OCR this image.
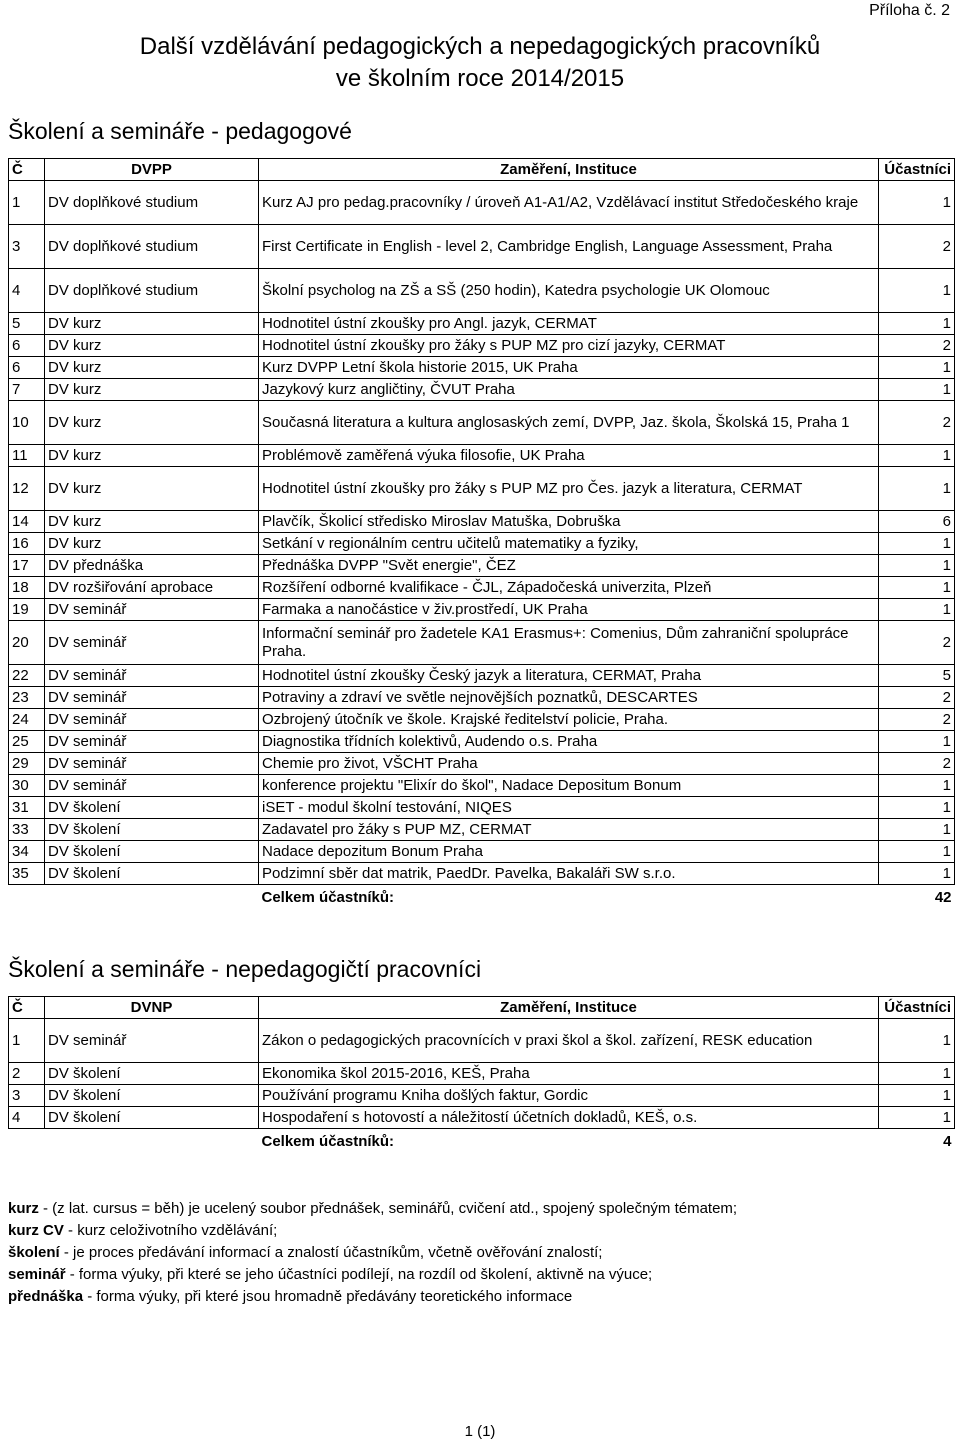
Příloha č. 2
Další vzdělávání pedagogických a nepedagogických pracovníků
ve školním roce 2014/2015
Školení a semináře - pedagogové
Č	DVPP	Zaměření, Instituce	Účastníci
1	DV doplňkové studium	Kurz AJ pro pedag.pracovníky / úroveň A1-A1/A2, Vzdělávací institut Středočeského kraje	1
3	DV doplňkové studium	First Certificate in English - level 2, Cambridge English, Language Assessment, Praha	2
4	DV doplňkové studium	Školní psycholog na ZŠ a SŠ (250 hodin), Katedra psychologie UK Olomouc	1
5	DV kurz	Hodnotitel ústní zkoušky pro Angl. jazyk, CERMAT	1
6	DV kurz	Hodnotitel ústní zkoušky pro žáky s PUP MZ pro cizí jazyky, CERMAT	2
6	DV kurz	Kurz DVPP Letní škola historie 2015, UK Praha	1
7	DV kurz	Jazykový kurz angličtiny, ČVUT Praha	1
10	DV kurz	Současná literatura a kultura anglosaských zemí, DVPP, Jaz. škola, Školská 15, Praha 1	2
11	DV kurz	Problémově zaměřená výuka filosofie, UK Praha	1
12	DV kurz	Hodnotitel ústní zkoušky pro žáky s PUP MZ pro Čes. jazyk a literatura, CERMAT	1
14	DV kurz	Plavčík, Školicí středisko Miroslav Matuška, Dobruška	6
16	DV kurz	Setkání v regionálním centru učitelů matematiky a fyziky,	1
17	DV přednáška	Přednáška DVPP "Svět energie", ČEZ	1
18	DV rozšiřování aprobace	Rozšíření odborné kvalifikace - ČJL, Západočeská univerzita, Plzeň	1
19	DV seminář	Farmaka a nanočástice v živ.prostředí, UK Praha	1
20	DV seminář	Informační seminář pro žadetele KA1 Erasmus+: Comenius, Dům zahraniční spolupráce Praha.	2
22	DV seminář	Hodnotitel ústní zkoušky Český jazyk a literatura, CERMAT, Praha	5
23	DV seminář	Potraviny a zdraví ve světle nejnovějších poznatků, DESCARTES	2
24	DV seminář	Ozbrojený útočník ve škole. Krajské ředitelství policie, Praha.	2
25	DV seminář	Diagnostika třídních kolektivů, Audendo o.s. Praha	1
29	DV seminář	Chemie pro život, VŠCHT Praha	2
30	DV seminář	konference projektu "Elixír do škol", Nadace Depositum Bonum	1
31	DV školení	iSET - modul školní testování, NIQES	1
33	DV školení	Zadavatel pro žáky s PUP MZ, CERMAT	1
34	DV školení	Nadace depozitum Bonum Praha	1
35	DV školení	Podzimní sběr dat matrik, PaedDr. Pavelka, Bakaláři SW s.r.o.	1
		Celkem účastníků:	42
Školení a semináře - nepedagogičtí pracovníci
Č	DVNP	Zaměření, Instituce	Účastníci
1	DV seminář	Zákon o pedagogických pracovnících v praxi škol a škol. zařízení, RESK education	1
2	DV školení	Ekonomika škol 2015-2016, KEŠ, Praha	1
3	DV školení	Používání programu Kniha došlých faktur, Gordic	1
4	DV školení	Hospodaření s hotovostí a náležitostí účetních dokladů, KEŠ, o.s.	1
		Celkem účastníků:	4
kurz - (z lat. cursus = běh) je ucelený soubor přednášek, seminářů, cvičení atd., spojený společným tématem;
kurz CV - kurz celoživotního vzdělávání;
školení - je proces předávání informací a znalostí účastníkům, včetně ověřování znalostí;
seminář - forma výuky, při které se jeho účastníci podílejí, na rozdíl od školení, aktivně na výuce;
přednáška - forma výuky, při které jsou hromadně předávány teoretického informace
1 (1)
